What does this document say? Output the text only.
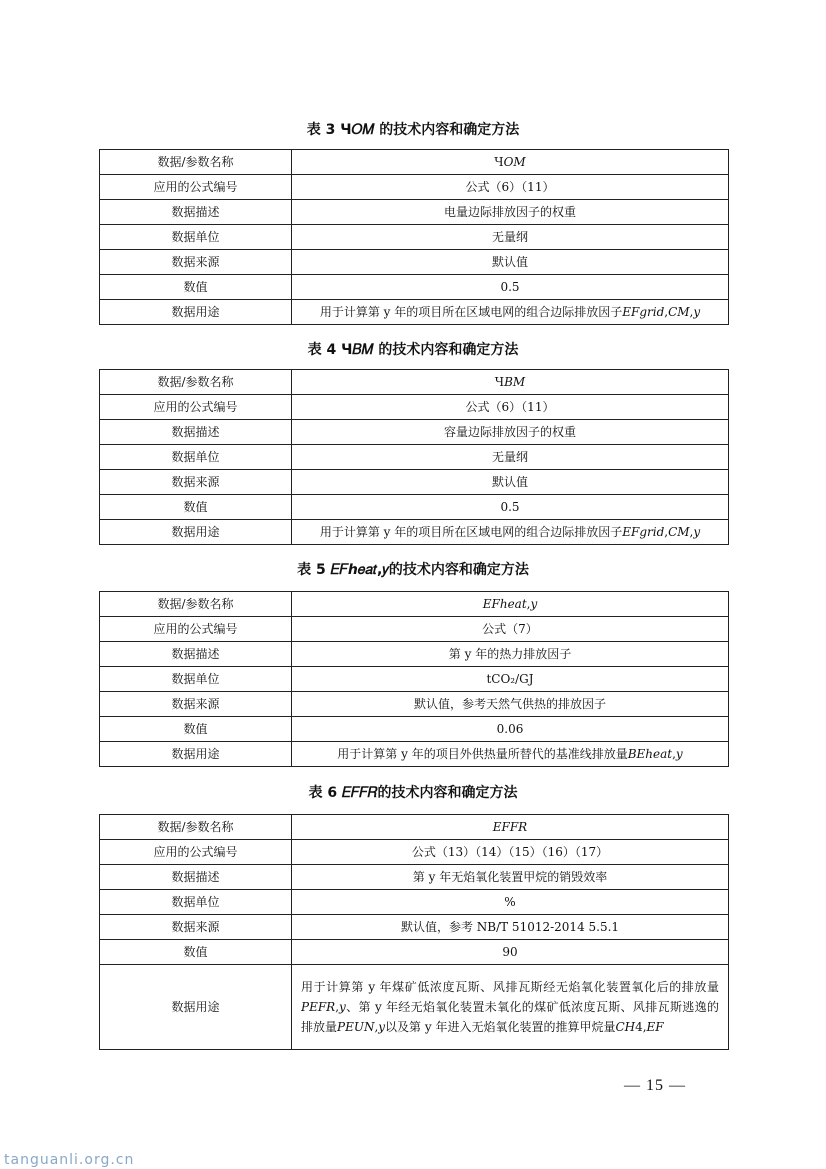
表 3 Ч𝑂𝑀 的技术内容和确定方法
数据/参数名称	Ч𝑂𝑀
应用的公式编号	公式（6）（11）
数据描述	电量边际排放因子的权重
数据单位	无量纲
数据来源	默认值
数值	0.5
数据用途	用于计算第 y 年的项目所在区域电网的组合边际排放因子𝐸𝐹𝑔𝑟𝑖𝑑,𝐶𝑀,𝑦
表 4 Ч𝐵𝑀 的技术内容和确定方法
数据/参数名称	Ч𝐵𝑀
应用的公式编号	公式（6）（11）
数据描述	容量边际排放因子的权重
数据单位	无量纲
数据来源	默认值
数值	0.5
数据用途	用于计算第 y 年的项目所在区域电网的组合边际排放因子𝐸𝐹𝑔𝑟𝑖𝑑,𝐶𝑀,𝑦
表 5 𝐸𝐹ℎ𝑒𝑎𝑡,𝑦的技术内容和确定方法
数据/参数名称	𝐸𝐹ℎ𝑒𝑎𝑡,𝑦
应用的公式编号	公式（7）
数据描述	第 y 年的热力排放因子
数据单位	tCO₂/GJ
数据来源	默认值，参考天然气供热的排放因子
数值	0.06
数据用途	用于计算第 y 年的项目外供热量所替代的基准线排放量𝐵𝐸ℎ𝑒𝑎𝑡,𝑦
表 6 𝐸𝐹𝐹𝑅的技术内容和确定方法
数据/参数名称	𝐸𝐹𝐹𝑅
应用的公式编号	公式（13）（14）（15）（16）（17）
数据描述	第 y 年无焰氧化装置甲烷的销毁效率
数据单位	%
数据来源	默认值，参考 NB/T 51012-2014 5.5.1
数值	90
数据用途	用于计算第 y 年煤矿低浓度瓦斯、风排瓦斯经无焰氧化装置氧化后的排放量𝑃𝐸𝐹𝑅,𝑦、第 y 年经无焰氧化装置未氧化的煤矿低浓度瓦斯、风排瓦斯逃逸的排放量𝑃𝐸𝑈𝑁,𝑦以及第 y 年进入无焰氧化装置的推算甲烷量𝐶𝐻4,𝐸𝐹
— 15 —
tanguanli.org.cn
